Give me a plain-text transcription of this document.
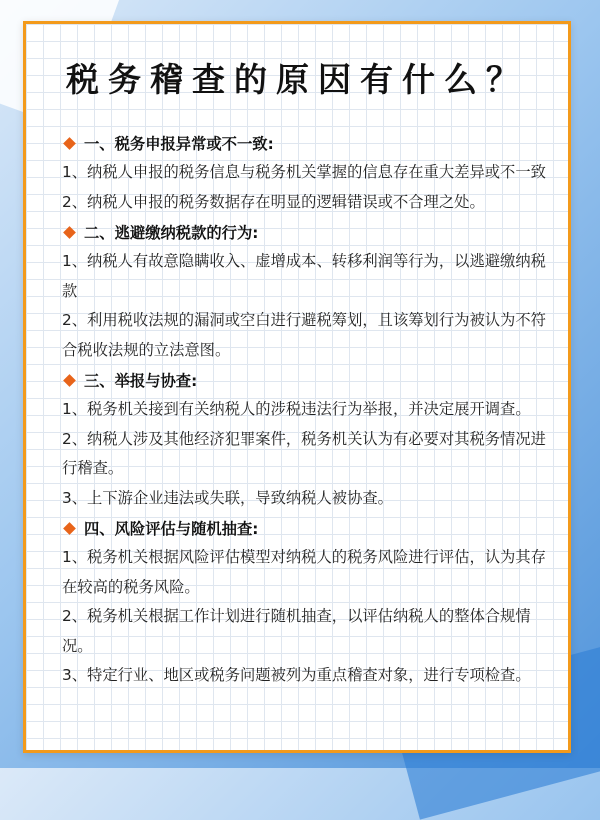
税务稽查的原因有什么？
一、税务申报异常或不一致:
1、纳税人申报的税务信息与税务机关掌握的信息存在重大差异或不一致
2、纳税人申报的税务数据存在明显的逻辑错误或不合理之处。
二、逃避缴纳税款的行为:
1、纳税人有故意隐瞒收入、虚增成本、转移利润等行为，以逃避缴纳税款
2、利用税收法规的漏洞或空白进行避税筹划，且该筹划行为被认为不符合税收法规的立法意图。
三、举报与协查:
1、税务机关接到有关纳税人的涉税违法行为举报，并决定展开调查。
2、纳税人涉及其他经济犯罪案件，税务机关认为有必要对其税务情况进行稽查。
3、上下游企业违法或失联，导致纳税人被协查。
四、风险评估与随机抽查:
1、税务机关根据风险评估模型对纳税人的税务风险进行评估，认为其存在较高的税务风险。
2、税务机关根据工作计划进行随机抽查，以评估纳税人的整体合规情况。
3、特定行业、地区或税务问题被列为重点稽查对象，进行专项检查。
